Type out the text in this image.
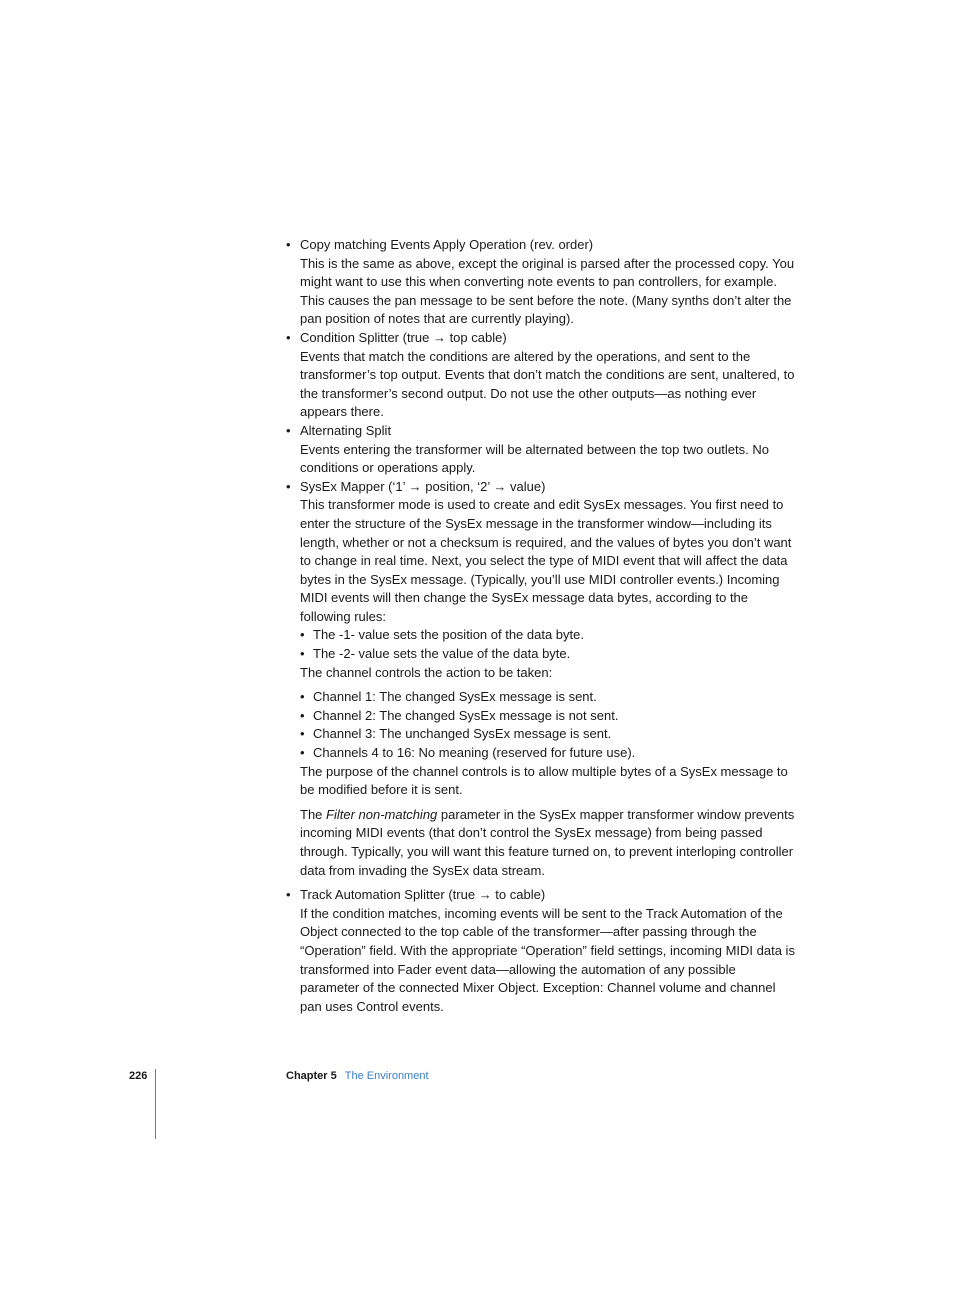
• Copy matching Events Apply Operation (rev. order)
This is the same as above, except the original is parsed after the processed copy. You might want to use this when converting note events to pan controllers, for example. This causes the pan message to be sent before the note. (Many synths don’t alter the pan position of notes that are currently playing).
• Condition Splitter (true → top cable)
Events that match the conditions are altered by the operations, and sent to the transformer’s top output. Events that don’t match the conditions are sent, unaltered, to the transformer’s second output. Do not use the other outputs—as nothing ever appears there.
• Alternating Split
Events entering the transformer will be alternated between the top two outlets. No conditions or operations apply.
• SysEx Mapper (‘1’ → position, ‘2’ → value)
This transformer mode is used to create and edit SysEx messages. You first need to enter the structure of the SysEx message in the transformer window—including its length, whether or not a checksum is required, and the values of bytes you don’t want to change in real time. Next, you select the type of MIDI event that will affect the data bytes in the SysEx message. (Typically, you’ll use MIDI controller events.) Incoming MIDI events will then change the SysEx message data bytes, according to the following rules:
• The -1- value sets the position of the data byte.
• The -2- value sets the value of the data byte.
The channel controls the action to be taken:
• Channel 1: The changed SysEx message is sent.
• Channel 2: The changed SysEx message is not sent.
• Channel 3: The unchanged SysEx message is sent.
• Channels 4 to 16: No meaning (reserved for future use).
The purpose of the channel controls is to allow multiple bytes of a SysEx message to be modified before it is sent.
The Filter non-matching parameter in the SysEx mapper transformer window prevents incoming MIDI events (that don’t control the SysEx message) from being passed through. Typically, you will want this feature turned on, to prevent interloping controller data from invading the SysEx data stream.
• Track Automation Splitter (true → to cable)
If the condition matches, incoming events will be sent to the Track Automation of the Object connected to the top cable of the transformer—after passing through the “Operation” field. With the appropriate “Operation” field settings, incoming MIDI data is transformed into Fader event data—allowing the automation of any possible parameter of the connected Mixer Object. Exception: Channel volume and channel pan uses Control events.
226	Chapter 5 The Environment
